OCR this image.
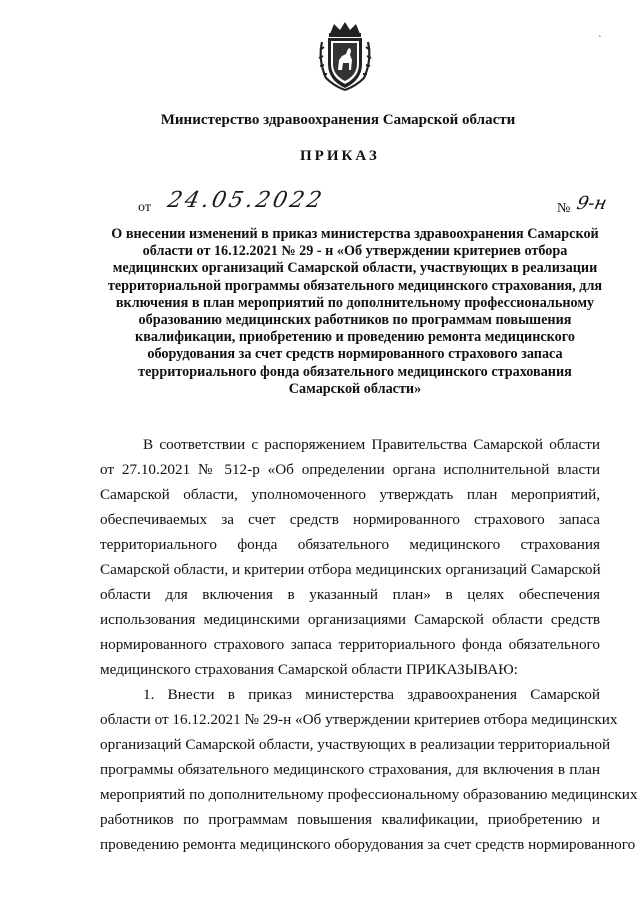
`
Министерство здравоохранения Самарской области
ПРИКАЗ
от 24.05.2022	№ 9-н
О внесении изменений в приказ министерства здравоохранения Самарской
области от 16.12.2021 № 29 - н «Об утверждении критериев отбора
медицинских организаций Самарской области, участвующих в реализации
территориальной программы обязательного медицинского страхования, для
включения в план мероприятий по дополнительному профессиональному
образованию медицинских работников по программам повышения
квалификации, приобретению и проведению ремонта медицинского
оборудования за счет средств нормированного страхового запаса
территориального фонда обязательного медицинского страхования
Самарской области»
В соответствии с распоряжением Правительства Самарской области
от 27.10.2021 № 512-р «Об определении органа исполнительной власти
Самарской области, уполномоченного утверждать план мероприятий,
обеспечиваемых за счет средств нормированного страхового запаса
территориального фонда обязательного медицинского страхования
Самарской области, и критерии отбора медицинских организаций Самарской
области для включения в указанный план» в целях обеспечения
использования медицинскими организациями Самарской области средств
нормированного страхового запаса территориального фонда обязательного
медицинского страхования Самарской области ПРИКАЗЫВАЮ:
1. Внести в приказ министерства здравоохранения Самарской
области от 16.12.2021 № 29-н «Об утверждении критериев отбора медицинских
организаций Самарской области, участвующих в реализации территориальной
программы обязательного медицинского страхования, для включения в план
мероприятий по дополнительному профессиональному образованию медицинских
работников по программам повышения квалификации, приобретению и
проведению ремонта медицинского оборудования за счет средств нормированного
